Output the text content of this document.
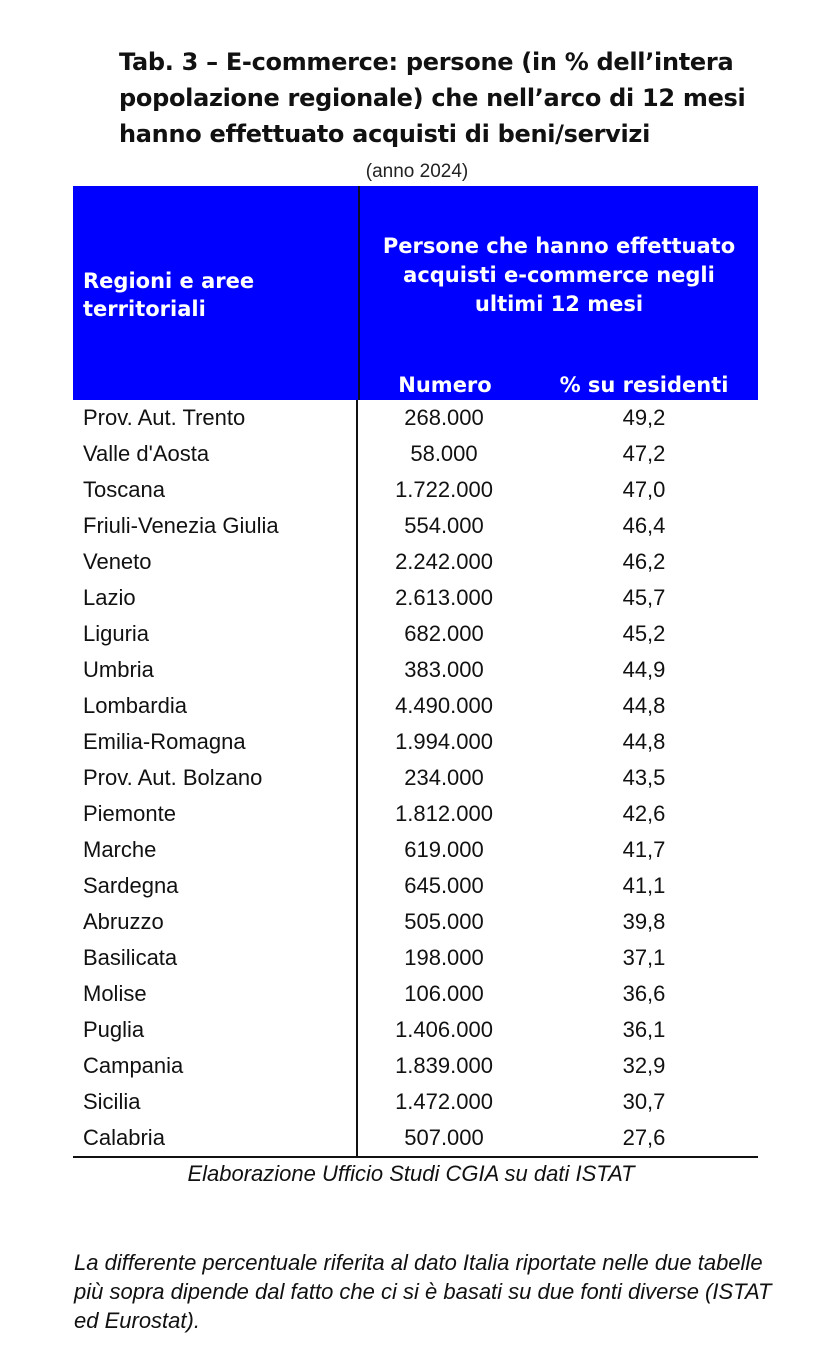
Tab. 3 – E-commerce: persone (in % dell’intera popolazione regionale) che nell’arco di 12 mesi hanno effettuato acquisti di beni/servizi
(anno 2024)
Regioni e aree territoriali
Persone che hanno effettuato acquisti e-commerce negli ultimi 12 mesi
Numero	% su residenti
Prov. Aut. Trento	268.000	49,2
Valle d'Aosta	58.000	47,2
Toscana	1.722.000	47,0
Friuli-Venezia Giulia	554.000	46,4
Veneto	2.242.000	46,2
Lazio	2.613.000	45,7
Liguria	682.000	45,2
Umbria	383.000	44,9
Lombardia	4.490.000	44,8
Emilia-Romagna	1.994.000	44,8
Prov. Aut. Bolzano	234.000	43,5
Piemonte	1.812.000	42,6
Marche	619.000	41,7
Sardegna	645.000	41,1
Abruzzo	505.000	39,8
Basilicata	198.000	37,1
Molise	106.000	36,6
Puglia	1.406.000	36,1
Campania	1.839.000	32,9
Sicilia	1.472.000	30,7
Calabria	507.000	27,6
Elaborazione Ufficio Studi CGIA su dati ISTAT
La differente percentuale riferita al dato Italia riportate nelle due tabelle più sopra dipende dal fatto che ci si è basati su due fonti diverse (ISTAT ed Eurostat).
